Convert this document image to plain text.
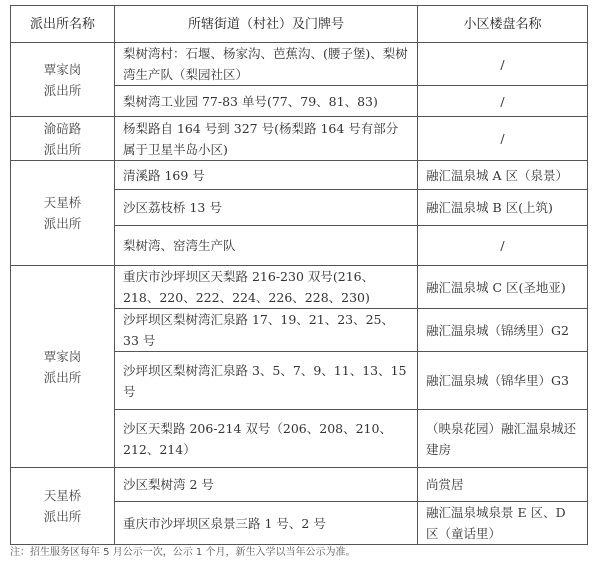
派出所名称	所辖街道（村社）及门牌号	小区楼盘名称

覃家岗
派出所	梨树湾村：石堰、杨家沟、芭蕉沟、(腰子堡)、梨树湾生产队（梨园社区）	/
	梨树湾工业园 77-83 单号(77、79、81、83)	/

渝碚路
派出所	杨梨路自 164 号到 327 号(杨梨路 164 号有部分属于卫星半岛小区)	/

天星桥
派出所	清溪路 169 号	融汇温泉城 A 区（泉景）
	沙区荔枝桥 13 号	融汇温泉城 B 区(上筑)
	梨树湾、窑湾生产队	/

覃家岗
派出所	重庆市沙坪坝区天梨路 216-230 双号(216、218、220、222、224、226、228、230)	融汇温泉城 C 区(圣地亚)
	沙坪坝区梨树湾汇泉路 17、19、21、23、25、33 号	融汇温泉城（锦绣里）G2
	沙坪坝区梨树湾汇泉路 3、5、7、9、11、13、15 号	融汇温泉城（锦华里）G3
	沙区天梨路 206-214 双号（206、208、210、212、214）	（映泉花园）融汇温泉城还建房

天星桥
派出所	沙区梨树湾 2 号	尚赏居
	重庆市沙坪坝区泉景三路 1 号、2 号	融汇温泉城泉景 E 区、D 区（童话里）
注：招生服务区每年 5 月公示一次，公示 1 个月，新生入学以当年公示为准。
